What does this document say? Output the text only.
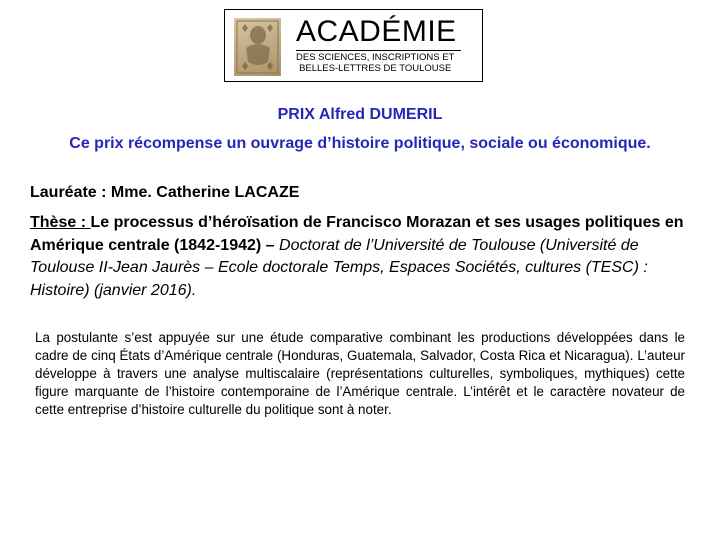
ACADÉMIE
DES SCIENCES, INSCRIPTIONS ET
BELLES-LETTRES DE TOULOUSE
PRIX Alfred DUMERIL
Ce prix récompense un ouvrage d’histoire politique, sociale ou économique.
Lauréate : Mme. Catherine LACAZE
Thèse : Le processus d’héroïsation de Francisco Morazan et ses usages politiques en Amérique centrale (1842-1942) – Doctorat de l’Université de Toulouse (Université de Toulouse II-Jean Jaurès – Ecole doctorale Temps, Espaces Sociétés, cultures (TESC) : Histoire) (janvier 2016).
La postulante s’est appuyée sur une étude comparative combinant les productions développées dans le cadre de cinq États d’Amérique centrale (Honduras, Guatemala, Salvador, Costa Rica et Nicaragua). L’auteur développe à travers une analyse multiscalaire (représentations culturelles, symboliques, mythiques) cette figure marquante de l’histoire contemporaine de l’Amérique centrale. L’intérêt et le caractère novateur de cette entreprise d’histoire culturelle du politique sont à noter.
